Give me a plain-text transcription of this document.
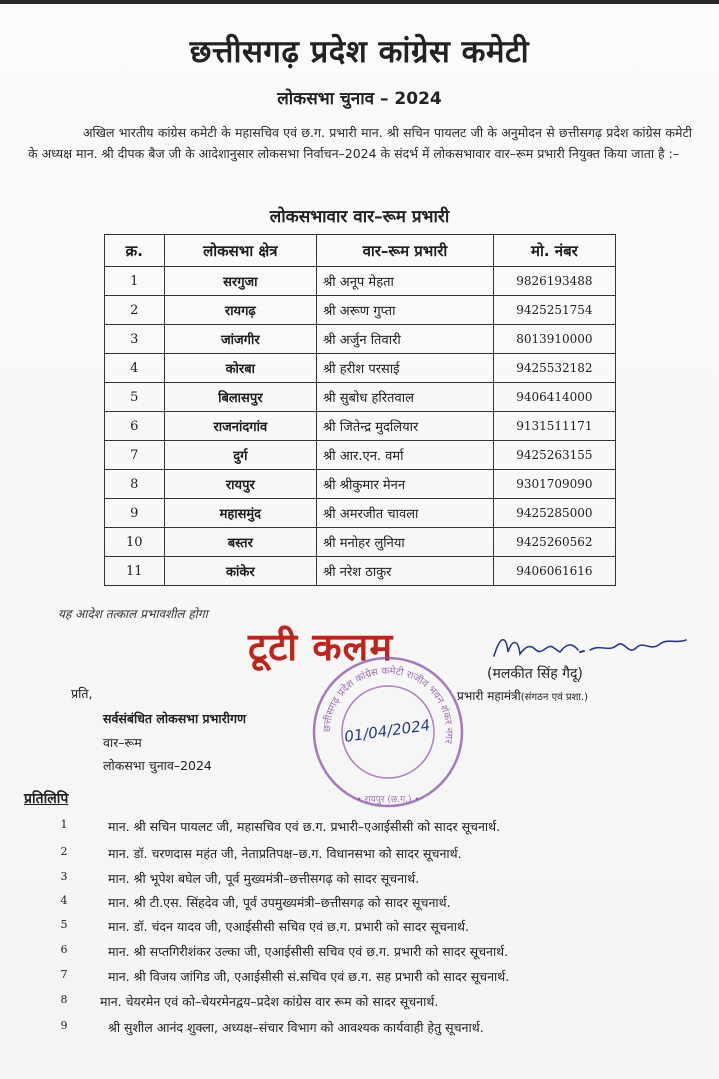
छत्तीसगढ़ प्रदेश कांग्रेस कमेटी
लोकसभा चुनाव – 2024
अखिल भारतीय कांग्रेस कमेटी के महासचिव एवं छ.ग. प्रभारी मान. श्री सचिन पायलट जी के अनुमोदन से छत्तीसगढ़ प्रदेश कांग्रेस कमेटी के अध्यक्ष मान. श्री दीपक बैज जी के आदेशानुसार लोकसभा निर्वाचन–2024 के संदर्भ में लोकसभावार वार–रूम प्रभारी नियुक्त किया जाता है :–
लोकसभावार वार–रूम प्रभारी
क्र.	लोकसभा क्षेत्र	वार–रूम प्रभारी	मो. नंबर
1	सरगुजा	श्री अनूप मेहता	9826193488
2	रायगढ़	श्री अरूण गुप्ता	9425251754
3	जांजगीर	श्री अर्जुन तिवारी	8013910000
4	कोरबा	श्री हरीश परसाई	9425532182
5	बिलासपुर	श्री सुबोध हरितवाल	9406414000
6	राजनांदगांव	श्री जितेन्द्र मुदलियार	9131511171
7	दुर्ग	श्री आर.एन. वर्मा	9425263155
8	रायपुर	श्री श्रीकुमार मेनन	9301709090
9	महासमुंद	श्री अमरजीत चावला	9425285000
10	बस्तर	श्री मनोहर लुनिया	9425260562
11	कांकेर	श्री नरेश ठाकुर	9406061616
यह आदेश तत्काल प्रभावशील होगा
टूटी कलम
छत्तीसगढ़ प्रदेश कांग्रेस कमेटी राजीव भवन शंकर नगर
• रायपुर (छ.ग.) •
01/04/2024
(मलकीत सिंह गैदू)
प्रभारी महामंत्री(संगठन एवं प्रशा.)
प्रति,
सर्वसंबंधित लोकसभा प्रभारीगण
वार–रूम
लोकसभा चुनाव–2024
प्रतिलिपि
1	मान. श्री सचिन पायलट जी, महासचिव एवं छ.ग. प्रभारी–एआईसीसी को सादर सूचनार्थ.
2	मान. डॉ. चरणदास महंत जी, नेताप्रतिपक्ष–छ.ग. विधानसभा को सादर सूचनार्थ.
3	मान. श्री भूपेश बघेल जी, पूर्व मुख्यमंत्री–छत्तीसगढ़ को सादर सूचनार्थ.
4	मान. श्री टी.एस. सिंहदेव जी, पूर्व उपमुख्यमंत्री–छत्तीसगढ़ को सादर सूचनार्थ.
5	मान. डॉ. चंदन यादव जी, एआईसीसी सचिव एवं छ.ग. प्रभारी को सादर सूचनार्थ.
6	मान. श्री सप्तगिरीशंकर उल्का जी, एआईसीसी सचिव एवं छ.ग. प्रभारी को सादर सूचनार्थ.
7	मान. श्री विजय जांगिड जी, एआईसीसी सं.सचिव एवं छ.ग. सह प्रभारी को सादर सूचनार्थ.
8	मान. चेयरमेन एवं को–चेयरमेनद्वय–प्रदेश कांग्रेस वार रूम को सादर सूचनार्थ.
9	श्री सुशील आनंद शुक्ला, अध्यक्ष–संचार विभाग को आवश्यक कार्यवाही हेतु सूचनार्थ.
